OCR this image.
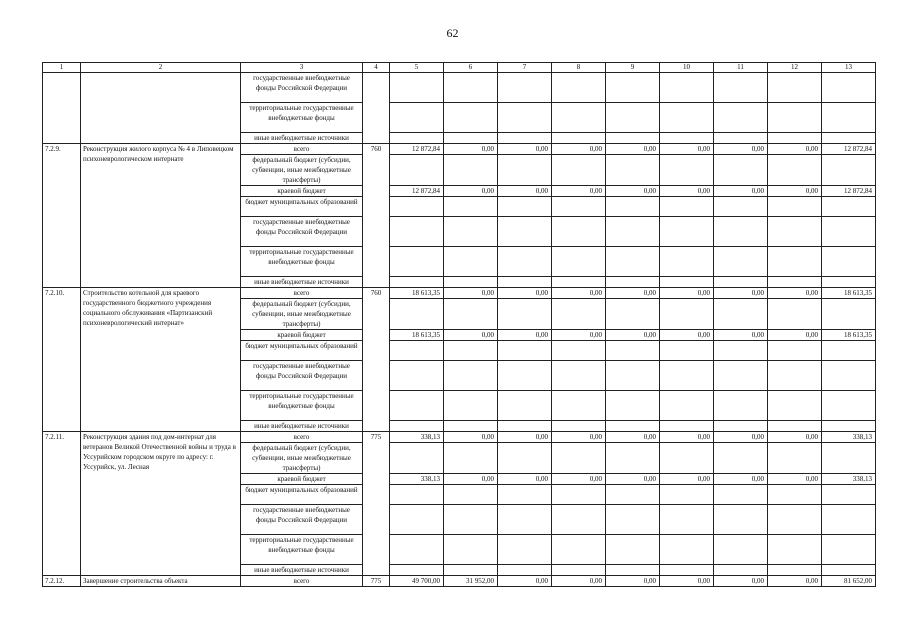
62
1	2	3	4	5	6	7	8	9	10	11	12	13
		государственные внебюджетные фонды Российской Федерации										
		территориальные государственные внебюджетные фонды										
		иные внебюджетные источники										
7.2.9.	Реконструкция жилого корпуса № 4 в Липовецком психоневрологическом интернате	всего	760	12 872,84	0,00	0,00	0,00	0,00	0,00	0,00	0,00	12 872,84
		федеральный бюджет (субсидии, субвенции, иные межбюджетные трансферты)										
		краевой бюджет		12 872,84	0,00	0,00	0,00	0,00	0,00	0,00	0,00	12 872,84
		бюджет муниципальных образований										
		государственные внебюджетные фонды Российской Федерации										
		территориальные государственные внебюджетные фонды										
		иные внебюджетные источники										
7.2.10.	Строительство котельной для краевого государственного бюджетного учреждения социального обслуживания «Партизанский психоневрологический интернат»	всего	760	18 613,35	0,00	0,00	0,00	0,00	0,00	0,00	0,00	18 613,35
		федеральный бюджет (субсидии, субвенции, иные межбюджетные трансферты)										
		краевой бюджет		18 613,35	0,00	0,00	0,00	0,00	0,00	0,00	0,00	18 613,35
		бюджет муниципальных образований										
		государственные внебюджетные фонды Российской Федерации										
		территориальные государственные внебюджетные фонды										
		иные внебюджетные источники										
7.2.11.	Реконструкция здания под дом-интернат для ветеранов Великой Отечественной войны и труда в Уссурийском городском округе по адресу: г. Уссурийск, ул. Лесная	всего	775	338,13	0,00	0,00	0,00	0,00	0,00	0,00	0,00	338,13
		федеральный бюджет (субсидии, субвенции, иные межбюджетные трансферты)										
		краевой бюджет		338,13	0,00	0,00	0,00	0,00	0,00	0,00	0,00	338,13
		бюджет муниципальных образований										
		государственные внебюджетные фонды Российской Федерации										
		территориальные государственные внебюджетные фонды										
		иные внебюджетные источники										
7.2.12.	Завершение строительства объекта	всего	775	49 700,00	31 952,00	0,00	0,00	0,00	0,00	0,00	0,00	81 652,00
